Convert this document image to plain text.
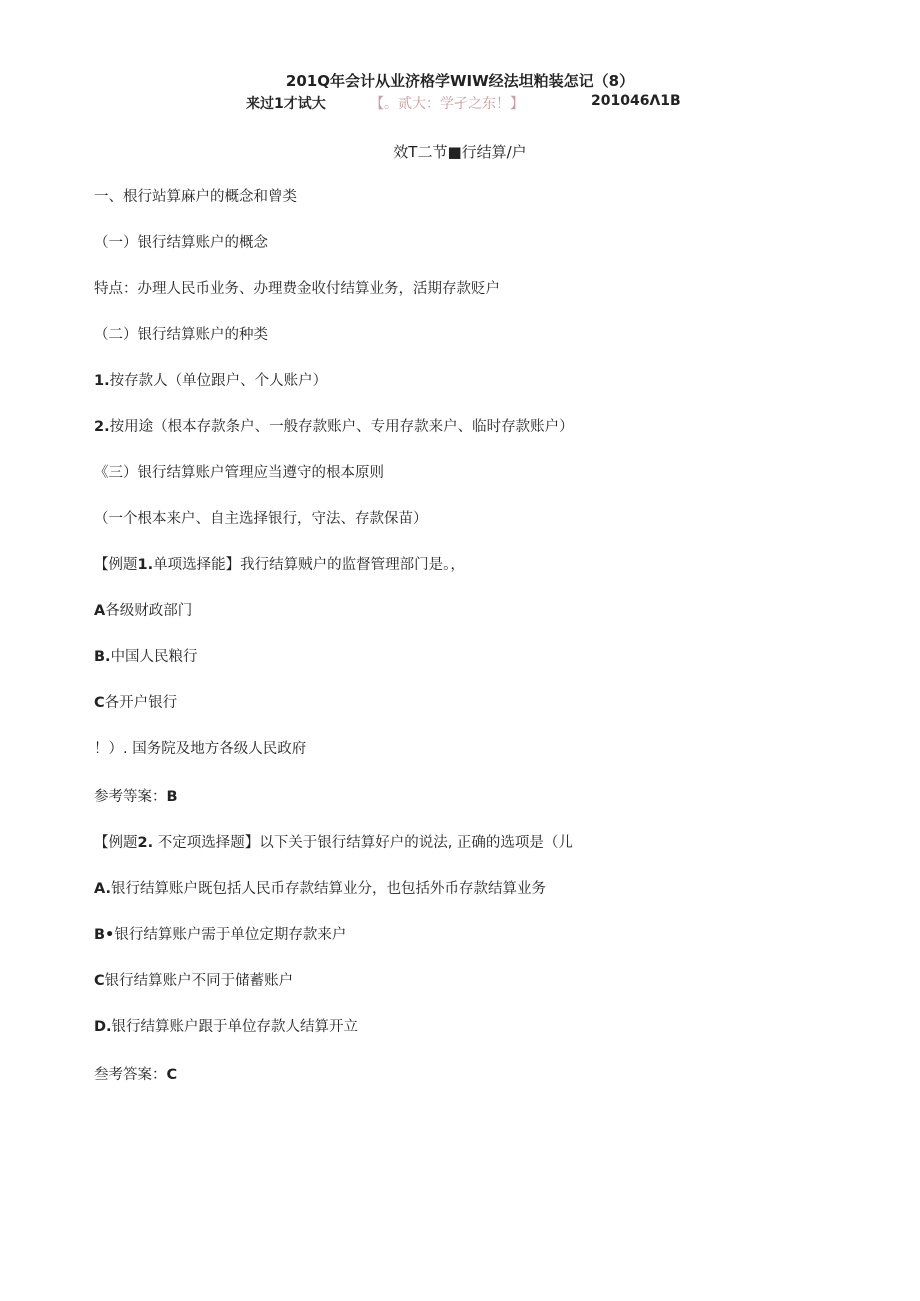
201Q年会计从业济格学WIW经法坦粕装怎记（8）
来过1才试大	【。贰大：学孑之东！】	201046Λ1B
效T二节■行结算/户
一、根行站算麻户的概念和曾类
（一）银行结算账户的概念
特点：办理人民币业务、办理费金收付结算业务，活期存款贬户
（二）银行结算账户的种类
1.按存款人（单位跟户、个人账户）
2.按用途（根本存款条户、一般存款账户、专用存款来户、临时存款账户）
《三）银行结算账户管理应当遵守的根本原则
（一个根本来户、自主选择银行，守法、存款保苗）
【例题1.单项选择能】我行结算贼户的监督管理部门是。，
A各级财政部门
B.中国人民粮行
C各开户银行
！）. 国务院及地方各级人民政府
参考等案：B
【例题2. 不定项选择题】以下关于银行结算好户的说法, 正确的选项是（儿
A.银行结算账户既包括人民币存款结算业分，也包括外币存款结算业务
B•银行结算账户需于单位定期存款来户
C银行结算账户不同于储蓄账户
D.银行结算账户跟于单位存款人结算开立
叁考答案：C
